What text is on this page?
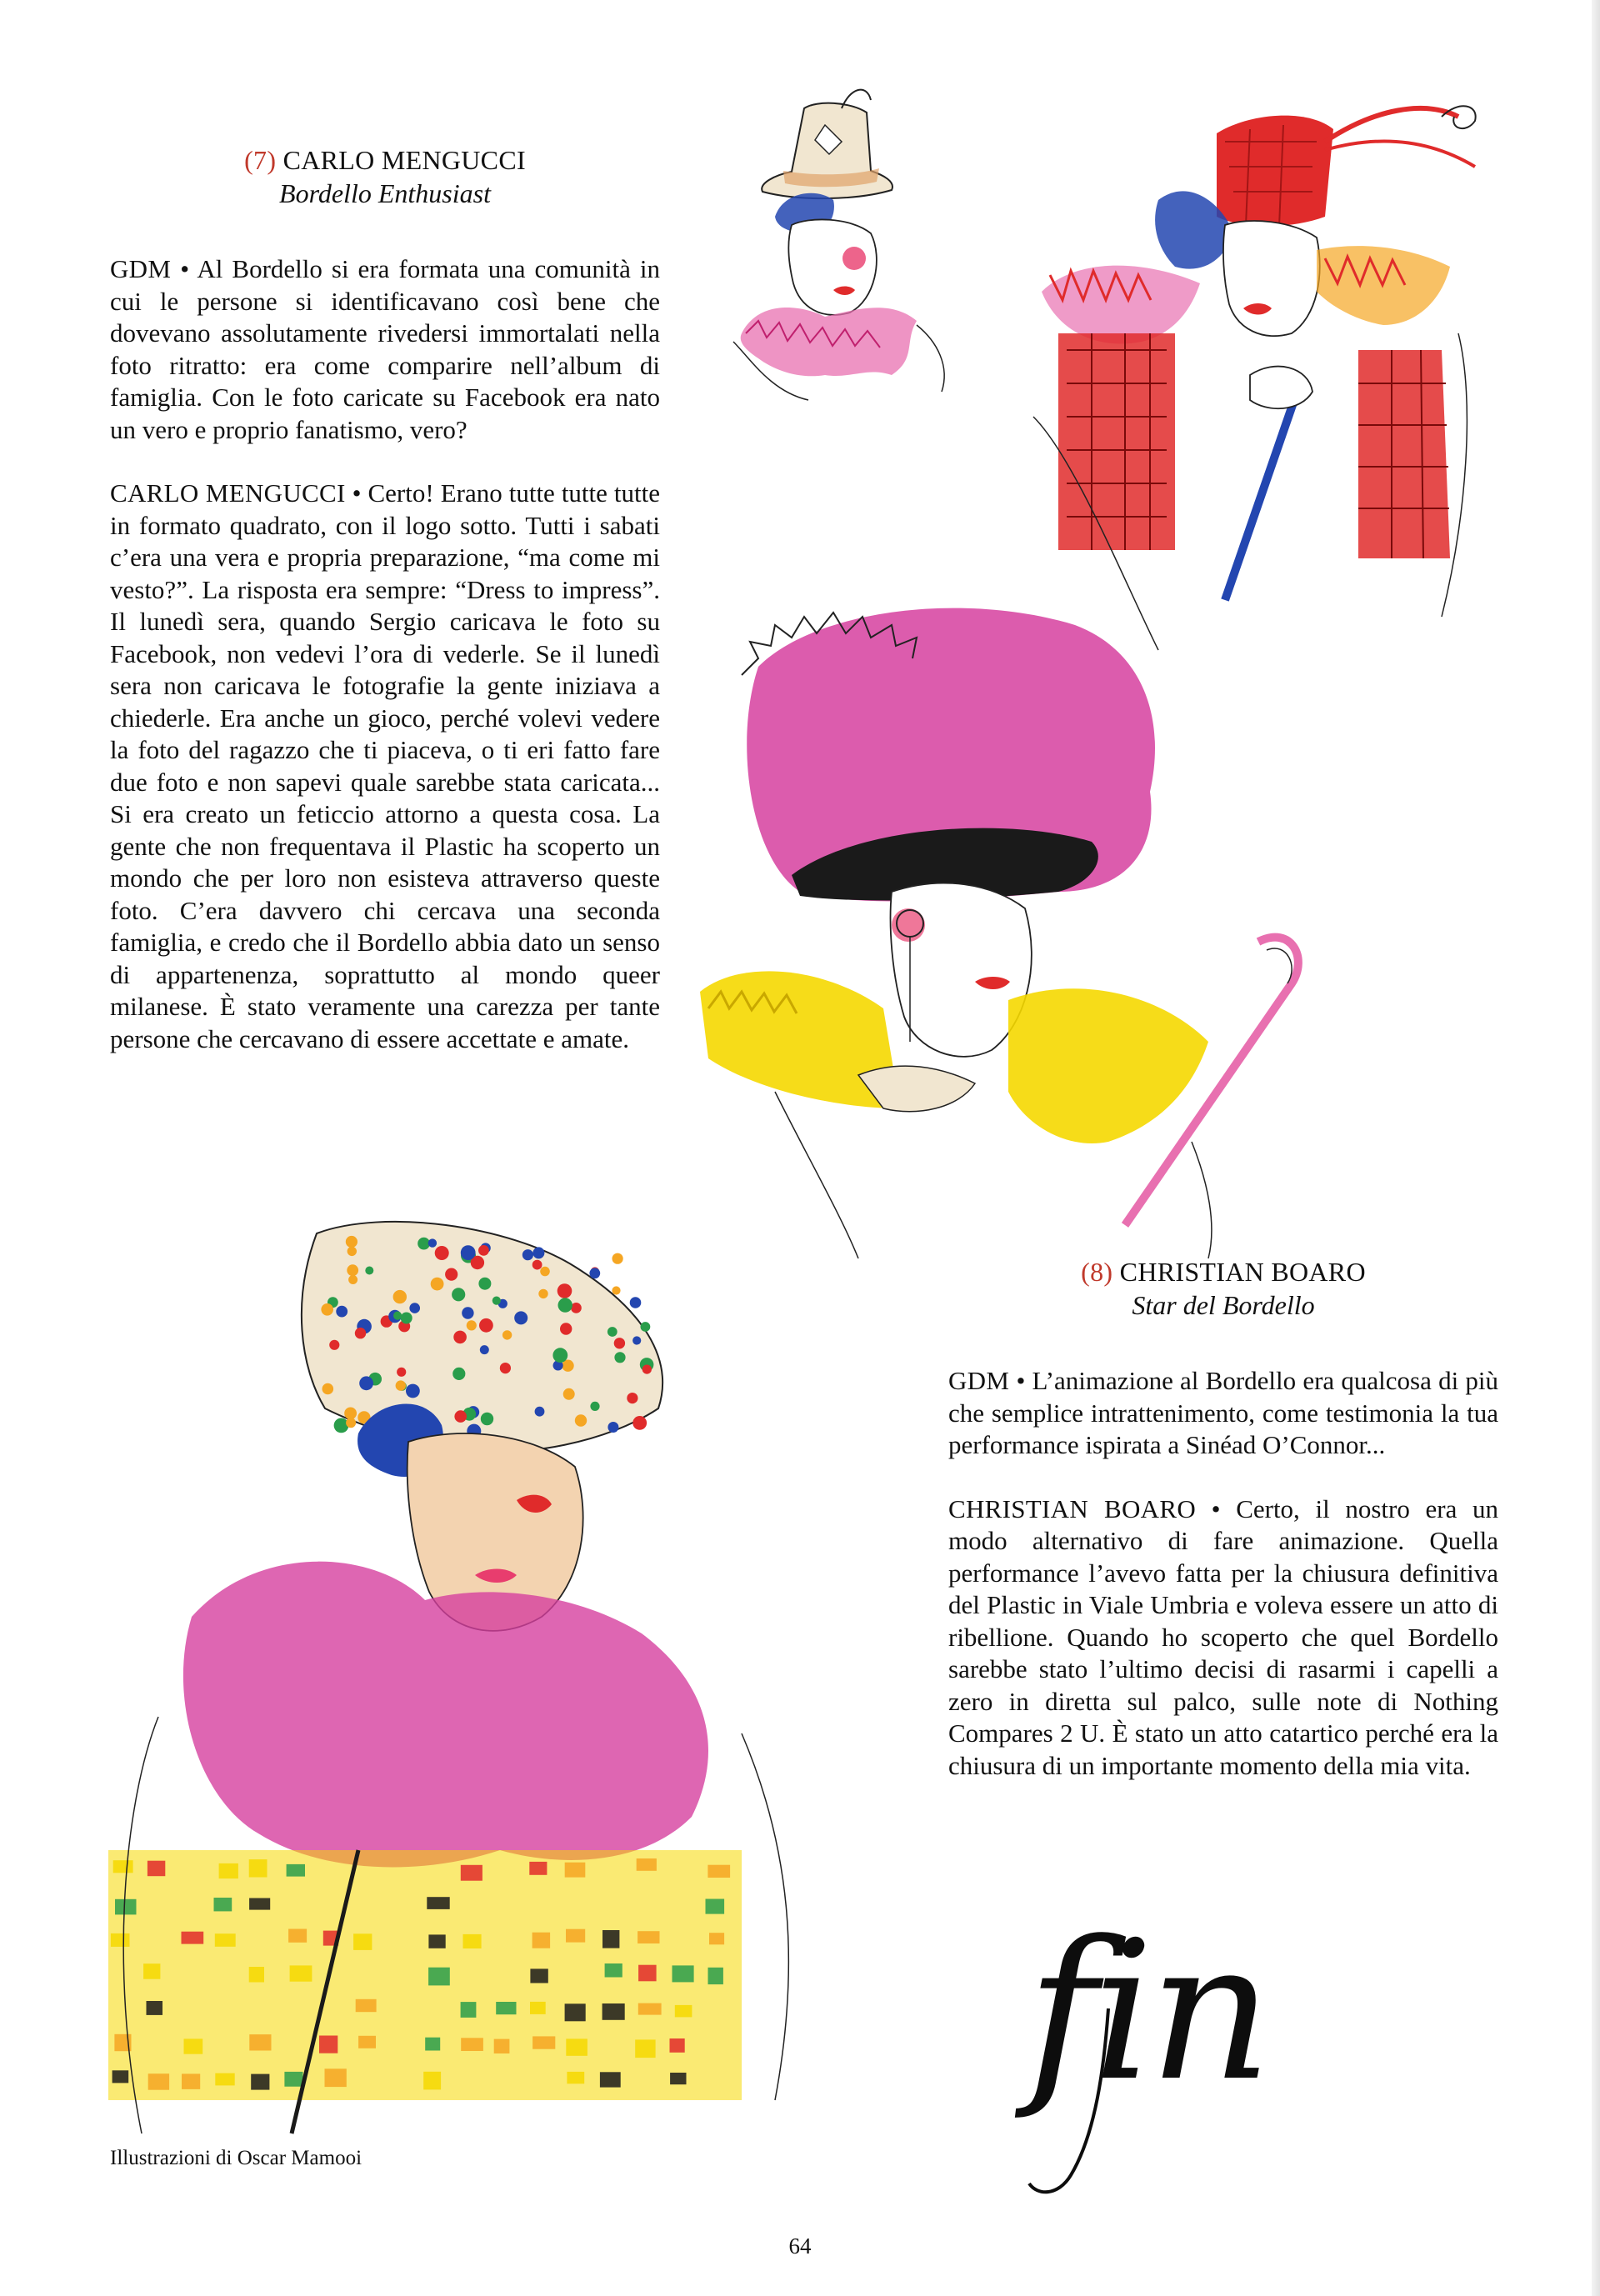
(7) CARLO MENGUCCI
Bordello Enthusiast

GDM • Al Bordello si era formata una comunità in cui le persone si identificavano così bene che dovevano assolutamente rivedersi immortalati nella foto ritratto: era come comparire nell’album di famiglia. Con le foto caricate su Facebook era nato un vero e proprio fanatismo, vero?

CARLO MENGUCCI • Certo! Erano tutte tutte tutte in formato quadrato, con il logo sotto. Tutti i sabati c’era una vera e propria preparazione, “ma come mi vesto?”. La risposta era sempre: “Dress to impress”. Il lunedì sera, quando Sergio caricava le foto su Facebook, non vedevi l’ora di vederle. Se il lunedì sera non caricava le fotografie la gente iniziava a chiederle. Era anche un gioco, perché volevi vedere la foto del ragazzo che ti piaceva, o ti eri fatto fare due foto e non sapevi quale sarebbe stata caricata... Si era creato un feticcio attorno a questa cosa. La gente che non frequentava il Plastic ha scoperto un mondo che per loro non esisteva attraverso queste foto. C’era davvero chi cercava una seconda famiglia, e credo che il Bordello abbia dato un senso di appartenenza, soprattutto al mondo queer milanese. È stato veramente una carezza per tante persone che cercavano di essere accettate e amate.

(8) CHRISTIAN BOARO
Star del Bordello

GDM • L’animazione al Bordello era qualcosa di più che semplice intrattenimento, come testimonia la tua performance ispirata a Sinéad O’Connor...

CHRISTIAN BOARO • Certo, il nostro era un modo alternativo di fare animazione. Quella performance l’avevo fatta per la chiusura definitiva del Plastic in Viale Umbria e voleva essere un atto di ribellione. Quando ho scoperto che quel Bordello sarebbe stato l’ultimo decisi di rasarmi i capelli a zero in diretta sul palco, sulle note di Nothing Compares 2 U. È stato un atto catartico perché era la chiusura di un importante momento della mia vita.

fin
Illustrazioni di Oscar Mamooi
64
